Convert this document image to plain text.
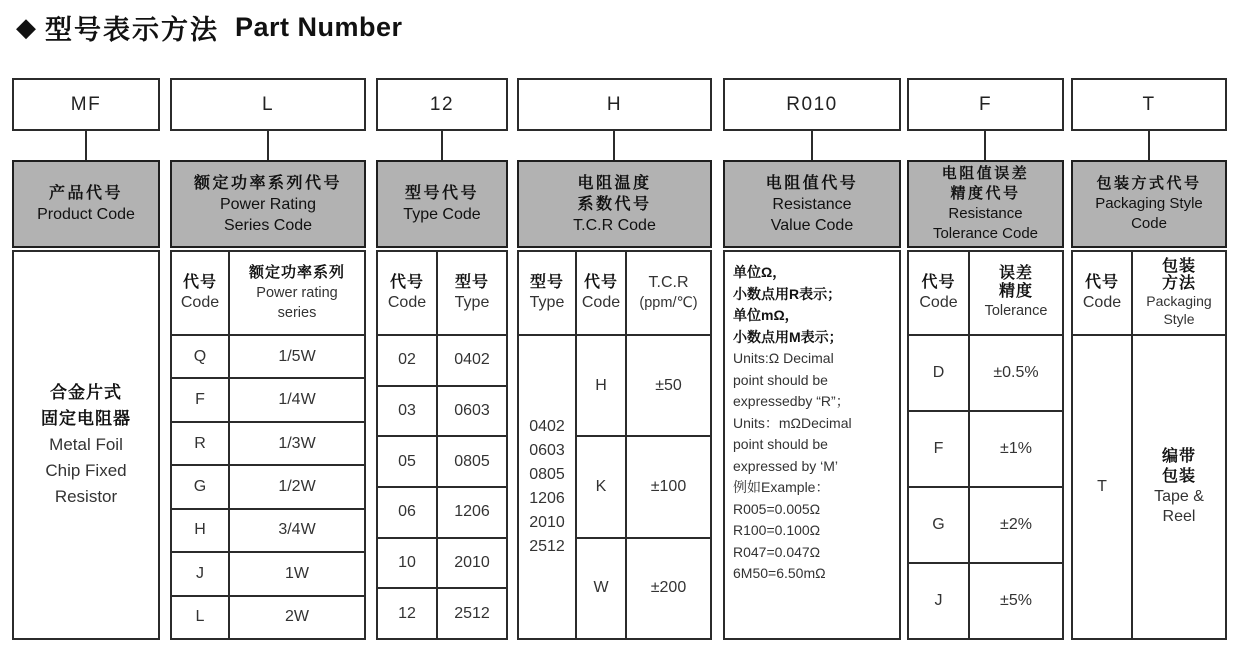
◆ 型号表示方法 Part Number
MF	L	12	H	R010	F	T
产品代号
Product Code
额定功率系列代号
Power Rating
Series Code
型号代号
Type Code
电阻温度
系数代号
T.C.R Code
电阻值代号
Resistance
Value Code
电阻值误差
精度代号
Resistance
Tolerance Code
包装方式代号
Packaging Style
Code
合金片式
固定电阻器
Metal Foil
Chip Fixed
Resistor
代号
Code
额定功率系列
Power rating
series
Q	1/5W
F	1/4W
R	1/3W
G	1/2W
H	3/4W
J	1W
L	2W
代号
Code
型号
Type
02	0402
03	0603
05	0805
06	1206
10	2010
12	2512
型号
Type
代号
Code
T.C.R
(ppm/℃)
0402
0603
0805
1206
2010
2512
H	±50
K	±100
W	±200
单位Ω，
小数点用R表示；
单位mΩ，
小数点用M表示；
Units:Ω Decimal
point should be
expressedby “R”；
Units：mΩDecimal
point should be
expressed by ‘M’
例如Example：
R005=0.005Ω
R100=0.100Ω
R047=0.047Ω
6M50=6.50mΩ
代号
Code
误差
精度
Tolerance
D	±0.5%
F	±1%
G	±2%
J	±5%
代号
Code
包装
方法
Packaging
Style
T
编带
包装
Tape &
Reel
